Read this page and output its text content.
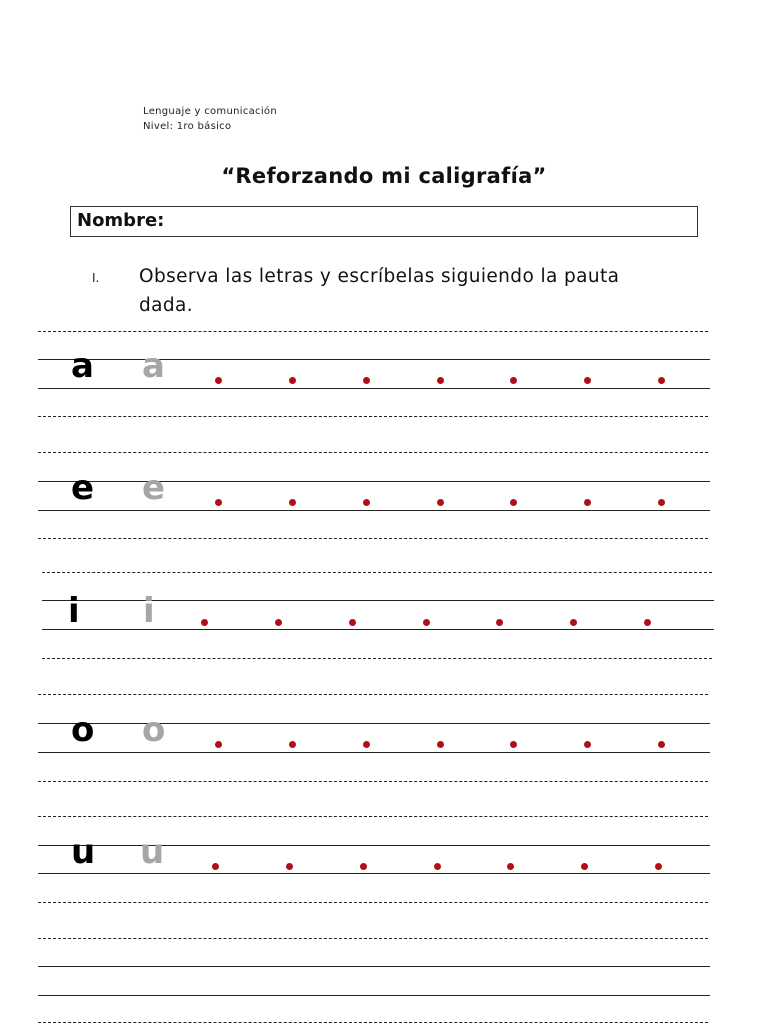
Lenguaje y comunicación
Nivel: 1ro básico
“Reforzando mi caligrafía”
Nombre:
I. Observa las letras y escríbelas siguiendo la pauta dada.
a a
e e
i i
o o
u u
